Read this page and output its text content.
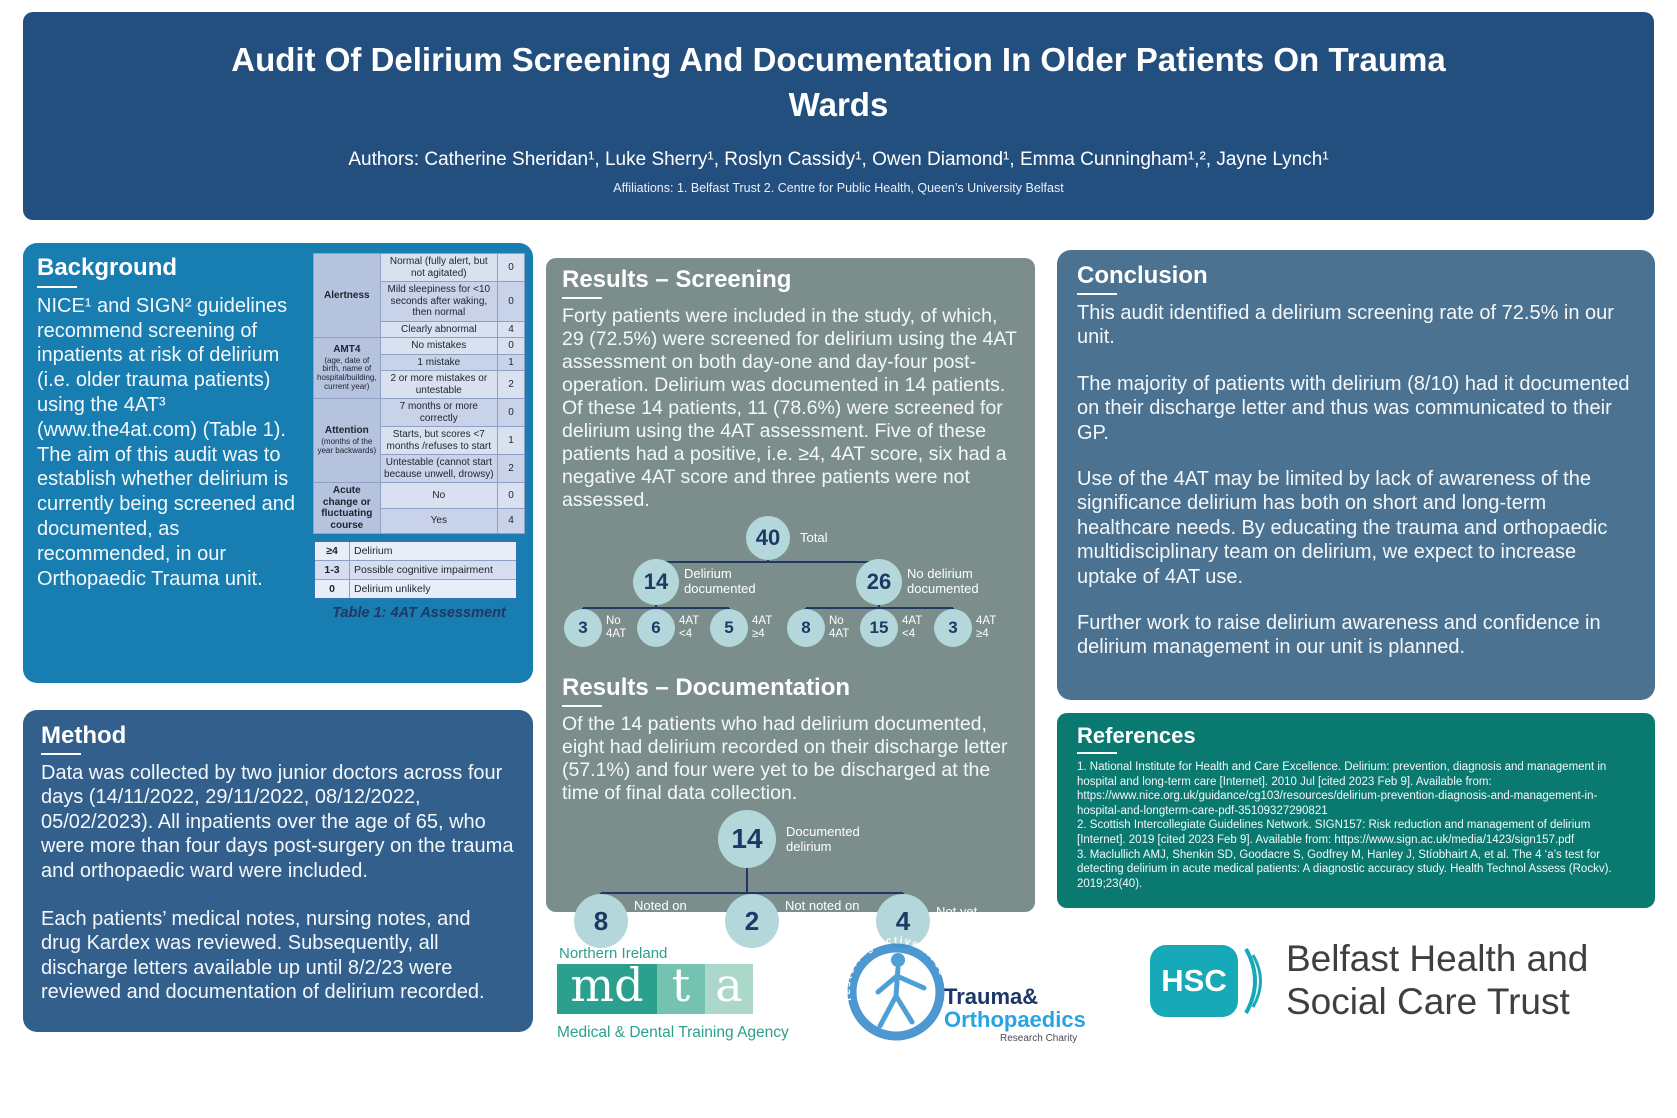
Audit Of Delirium Screening And Documentation In Older Patients On Trauma Wards
Authors: Catherine Sheridan¹, Luke Sherry¹, Roslyn Cassidy¹, Owen Diamond¹, Emma Cunningham¹,², Jayne Lynch¹
Affiliations: 1. Belfast Trust 2. Centre for Public Health, Queen’s University Belfast
Background

NICE¹ and SIGN² guidelines recommend screening of inpatients at risk of delirium (i.e. older trauma patients) using the 4AT³ (www.the4at.com) (Table 1).

The aim of this audit was to establish whether delirium is currently being screened and documented, as recommended, in our Orthopaedic Trauma unit.

Alertness	Normal (fully alert, but not agitated)	0
	Mild sleepiness for <10 seconds after waking, then normal	0
	Clearly abnormal	4
AMT4
(age, date of birth, name of hospital/building, current year)	No mistakes	0
	1 mistake	1
	2 or more mistakes or untestable	2
Attention
(months of the year backwards)	7 months or more correctly	0
	Starts, but scores <7 months /refuses to start	1
	Untestable (cannot start because unwell, drowsy)	2
Acute change or fluctuating course	No	0
	Yes	4
≥4	Delirium
1-3	Possible cognitive impairment
0	Delirium unlikely
Table 1: 4AT Assessment
Method

Data was collected by two junior doctors across four days (14/11/2022, 29/11/2022, 08/12/2022, 05/02/2023). All inpatients over the age of 65, who were more than four days post-surgery on the trauma and orthopaedic ward were included.

Each patients’ medical notes, nursing notes, and drug Kardex was reviewed. Subsequently, all discharge letters available up until 8/2/23 were reviewed and documentation of delirium recorded.

Results – Screening

Forty patients were included in the study, of which, 29 (72.5%) were screened for delirium using the 4AT assessment on both day-one and day-four post-operation. Delirium was documented in 14 patients. Of these 14 patients, 11 (78.6%) were screened for delirium using the 4AT assessment. Five of these patients had a positive, i.e. ≥4, 4AT score, six had a negative 4AT score and three patients were not assessed.

40	Total
14	Delirium documented	26	No delirium documented
3	No 4AT	6	4AT <4	5	4AT ≥4	8	No 4AT	15	4AT <4	3	4AT ≥4
Results – Documentation

Of the 14 patients who had delirium documented, eight had delirium recorded on their discharge letter (57.1%) and four were yet to be discharged at the time of final data collection.

14	Documented delirium
8	Noted on discharge letter	2	Not noted on discharge letter	4	Not yet discharged
Conclusion

This audit identified a delirium screening rate of 72.5% in our unit.

The majority of patients with delirium (8/10) had it documented on their discharge letter and thus was communicated to their GP.

Use of the 4AT may be limited by lack of awareness of the significance delirium has both on short and long-term healthcare needs. By educating the trauma and orthopaedic multidisciplinary team on delirium, we expect to increase uptake of 4AT use.

Further work to raise delirium awareness and confidence in delirium management in our unit is planned.

References

1. National Institute for Health and Care Excellence. Delirium: prevention, diagnosis and management in hospital and long-term care [Internet]. 2010 Jul [cited 2023 Feb 9]. Available from: https://www.nice.org.uk/guidance/cg103/resources/delirium-prevention-diagnosis-and-management-in-hospital-and-longterm-care-pdf-35109327290821

2. Scottish Intercollegiate Guidelines Network. SIGN157: Risk reduction and management of delirium [Internet]. 2019 [cited 2023 Feb 9]. Available from: https://www.sign.ac.uk/media/1423/sign157.pdf

3. Maclullich AMJ, Shenkin SD, Goodacre S, Godfrey M, Hanley J, Stíobhairt A, et al. The 4 ‘a’s test for detecting delirium in acute medical patients: A diagnostic accuracy study. Health Technol Assess (Rockv). 2019;23(40).

Northern Ireland
md t a
Medical & Dental Training Agency
restoring active lives
Trauma&
Orthopaedics
Research Charity
HSC
Belfast Health and
Social Care Trust
